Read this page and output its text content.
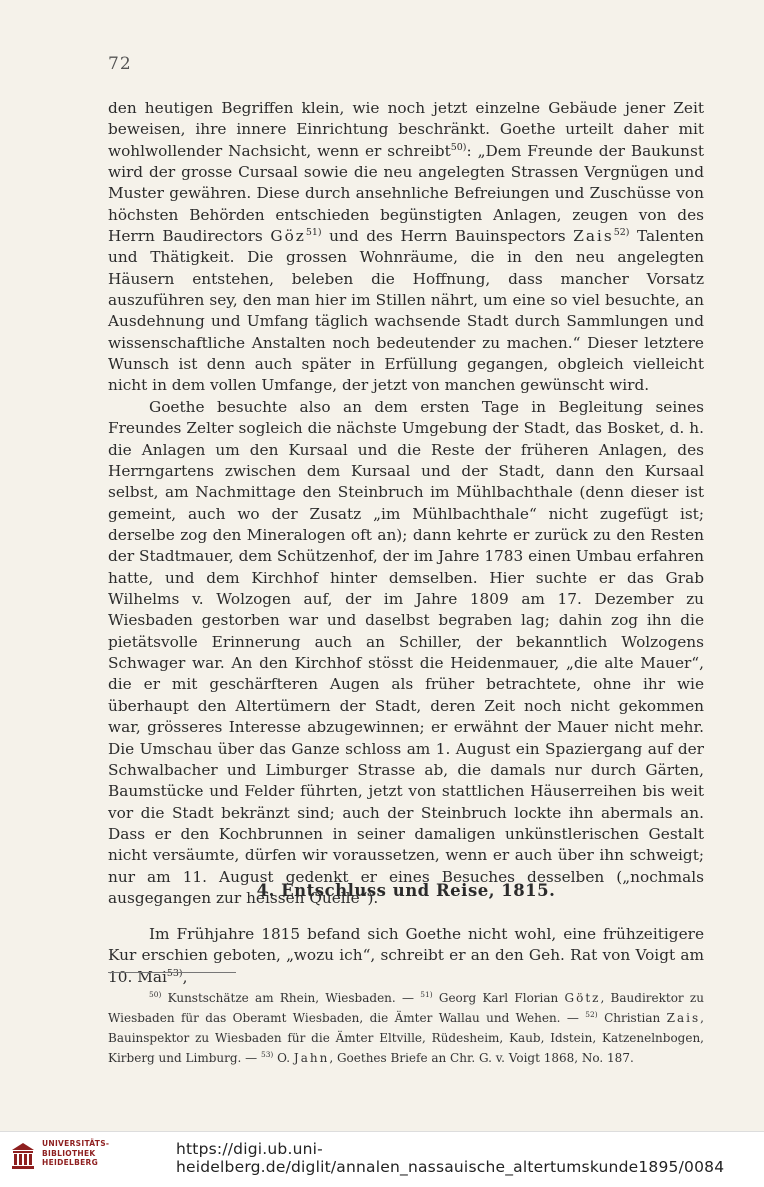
72

den heutigen Begriffen klein, wie noch jetzt einzelne Gebäude jener Zeit beweisen, ihre innere Einrichtung beschränkt. Goethe urteilt daher mit wohlwollender Nachsicht, wenn er schreibt$^{50)}$: „Dem Freunde der Baukunst wird der grosse Cursaal sowie die neu angelegten Strassen Vergnügen und Muster gewähren. Diese durch ansehnliche Befreiungen und Zuschüsse von höchsten Behörden entschieden begünstigten Anlagen, zeugen von des Herrn Baudirectors Göz$^{51)}$ und des Herrn Bauinspectors Zais$^{52)}$ Talenten und Thätigkeit. Die grossen Wohnräume, die in den neu angelegten Häusern entstehen, beleben die Hoffnung, dass mancher Vorsatz auszuführen sey, den man hier im Stillen nährt, um eine so viel besuchte, an Ausdehnung und Umfang täglich wachsende Stadt durch Sammlungen und wissenschaftliche Anstalten noch bedeutender zu machen.“ Dieser letztere Wunsch ist denn auch später in Erfüllung gegangen, obgleich vielleicht nicht in dem vollen Umfange, der jetzt von manchen gewünscht wird.

Goethe besuchte also an dem ersten Tage in Begleitung seines Freundes Zelter sogleich die nächste Umgebung der Stadt, das Bosket, d. h. die Anlagen um den Kursaal und die Reste der früheren Anlagen, des Herrngartens zwischen dem Kursaal und der Stadt, dann den Kursaal selbst, am Nachmittage den Steinbruch im Mühlbachthale (denn dieser ist gemeint, auch wo der Zusatz „im Mühlbachthale“ nicht zugefügt ist; derselbe zog den Mineralogen oft an); dann kehrte er zurück zu den Resten der Stadtmauer, dem Schützenhof, der im Jahre 1783 einen Umbau erfahren hatte, und dem Kirchhof hinter demselben. Hier suchte er das Grab Wilhelms v. Wolzogen auf, der im Jahre 1809 am 17. Dezember zu Wiesbaden gestorben war und daselbst begraben lag; dahin zog ihn die pietätsvolle Erinnerung auch an Schiller, der bekanntlich Wolzogens Schwager war. An den Kirchhof stösst die Heidenmauer, „die alte Mauer“, die er mit geschärfteren Augen als früher betrachtete, ohne ihr wie überhaupt den Altertümern der Stadt, deren Zeit noch nicht gekommen war, grösseres Interesse abzugewinnen; er erwähnt der Mauer nicht mehr. Die Umschau über das Ganze schloss am 1. August ein Spaziergang auf der Schwalbacher und Limburger Strasse ab, die damals nur durch Gärten, Baumstücke und Felder führten, jetzt von stattlichen Häuserreihen bis weit vor die Stadt bekränzt sind; auch der Steinbruch lockte ihn abermals an. Dass er den Kochbrunnen in seiner damaligen unkünstlerischen Gestalt nicht versäumte, dürfen wir voraussetzen, wenn er auch über ihn schweigt; nur am 11. August gedenkt er eines Besuches desselben („nochmals ausgegangen zur heissen Quelle“).

4. Entschluss und Reise, 1815.

Im Frühjahre 1815 befand sich Goethe nicht wohl, eine frühzeitigere Kur erschien geboten, „wozu ich“, schreibt er an den Geh. Rat von Voigt am 10. Mai$^{53)}$,

$^{50)}$ Kunstschätze am Rhein, Wiesbaden. — $^{51)}$ Georg Karl Florian Götz, Baudirektor zu Wiesbaden für das Oberamt Wiesbaden, die Ämter Wallau und Wehen. — $^{52)}$ Christian Zais, Bauinspektor zu Wiesbaden für die Ämter Eltville, Rüdesheim, Kaub, Idstein, Katzenelnbogen, Kirberg und Limburg. — $^{53)}$ O. Jahn, Goethes Briefe an Chr. G. v. Voigt 1868, No. 187.

UNIVERSITÄTS-
BIBLIOTHEK
HEIDELBERG
https://digi.ub.uni-heidelberg.de/diglit/annalen_nassauische_altertumskunde1895/0084
